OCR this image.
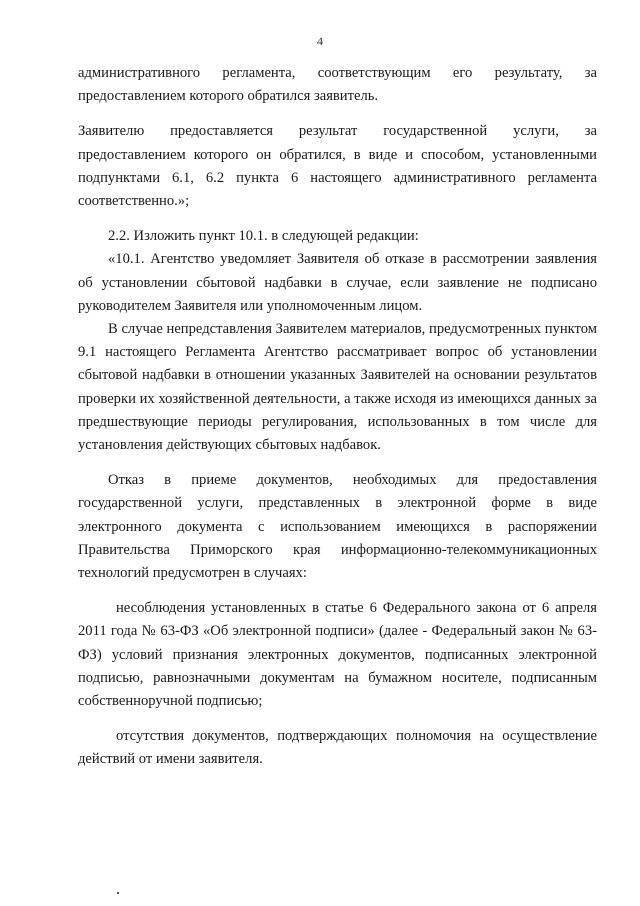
4

административного регламента, соответствующим его результату, за предоставлением которого обратился заявитель.

Заявителю предоставляется результат государственной услуги, за предоставлением которого он обратился, в виде и способом, установленными подпунктами 6.1, 6.2 пункта 6 настоящего административного регламента соответственно.»;

2.2. Изложить пункт 10.1. в следующей редакции:

«10.1. Агентство уведомляет Заявителя об отказе в рассмотрении заявления об установлении сбытовой надбавки в случае, если заявление не подписано руководителем Заявителя или уполномоченным лицом.

В случае непредставления Заявителем материалов, предусмотренных пунктом 9.1 настоящего Регламента Агентство рассматривает вопрос об установлении сбытовой надбавки в отношении указанных Заявителей на основании результатов проверки их хозяйственной деятельности, а также исходя из имеющихся данных за предшествующие периоды регулирования, использованных в том числе для установления действующих сбытовых надбавок.

Отказ в приеме документов, необходимых для предоставления государственной услуги, представленных в электронной форме в виде электронного документа с использованием имеющихся в распоряжении Правительства Приморского края информационно-телекоммуникационных технологий предусмотрен в случаях:

несоблюдения установленных в статье 6 Федерального закона от 6 апреля 2011 года № 63-ФЗ «Об электронной подписи» (далее - Федеральный закон № 63-ФЗ) условий признания электронных документов, подписанных электронной подписью, равнозначными документам на бумажном носителе, подписанным собственноручной подписью;

отсутствия документов, подтверждающих полномочия на осуществление действий от имени заявителя.
